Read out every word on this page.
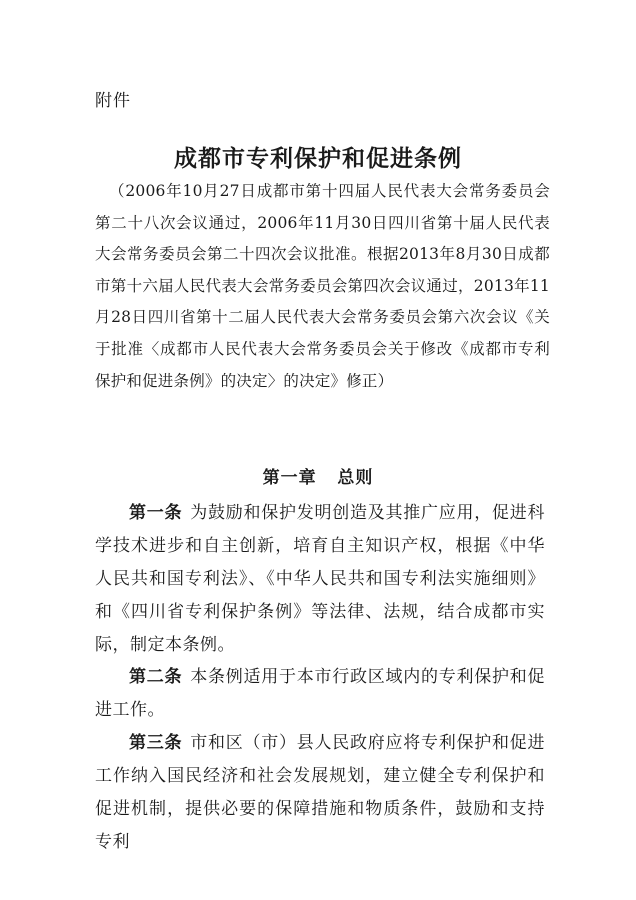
附件
成都市专利保护和促进条例
（2006年10月27日成都市第十四届人民代表大会常务委员会第二十八次会议通过，2006年11月30日四川省第十届人民代表大会常务委员会第二十四次会议批准。根据2013年8月30日成都市第十六届人民代表大会常务委员会第四次会议通过，2013年11月28日四川省第十二届人民代表大会常务委员会第六次会议《关于批准〈成都市人民代表大会常务委员会关于修改《成都市专利保护和促进条例》的决定〉的决定》修正）
第一章 总则
第一条 为鼓励和保护发明创造及其推广应用，促进科学技术进步和自主创新，培育自主知识产权，根据《中华人民共和国专利法》、《中华人民共和国专利法实施细则》和《四川省专利保护条例》等法律、法规，结合成都市实际，制定本条例。
第二条 本条例适用于本市行政区域内的专利保护和促进工作。
第三条 市和区（市）县人民政府应将专利保护和促进工作纳入国民经济和社会发展规划，建立健全专利保护和促进机制，提供必要的保障措施和物质条件，鼓励和支持专利
